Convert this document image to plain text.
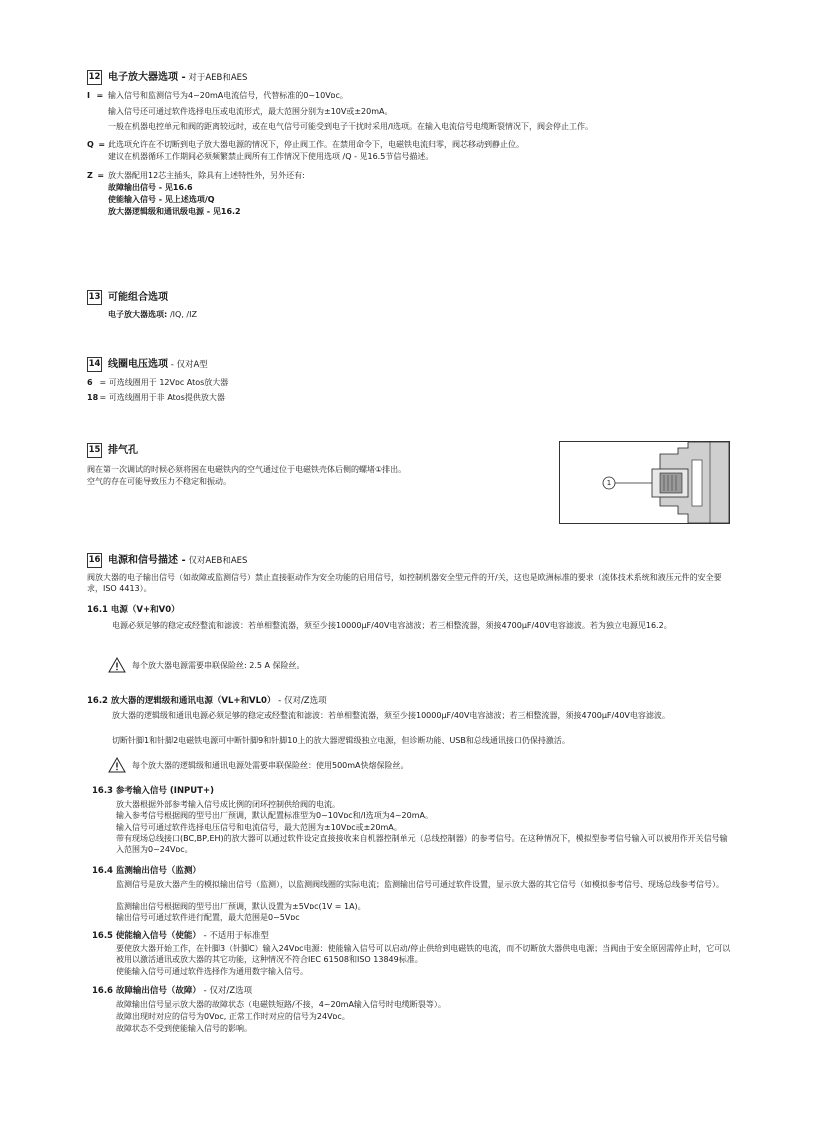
12 电子放大器选项 - 对于AEB和AES
I = 输入信号和监测信号为4~20mA电流信号，代替标准的0~10Vᴅᴄ。
输入信号还可通过软件选择电压或电流形式，最大范围分别为±10V或±20mA。
一般在机器电控单元和阀的距离较远时，或在电气信号可能受到电子干扰时采用/I选项。在输入电流信号电缆断裂情况下，阀会停止工作。
Q = 此选项允许在不切断到电子放大器电源的情况下，停止阀工作。在禁用命令下，电磁铁电流归零，阀芯移动到静止位。
建议在机器循环工作期间必须频繁禁止阀所有工作情况下使用选项 /Q - 见16.5节信号描述。
Z = 放大器配用12芯主插头，除具有上述特性外，另外还有:
故障输出信号 - 见16.6
使能输入信号 - 见上述选项/Q
放大器逻辑级和通讯级电源 - 见16.2
13 可能组合选项
电子放大器选项: /IQ, /IZ
14 线圈电压选项 - 仅对A型
6 = 可选线圈用于 12Vᴅᴄ Atos放大器
18 = 可选线圈用于非 Atos提供放大器
15 排气孔
阀在第一次调试的时候必须将困在电磁铁内的空气通过位于电磁铁壳体后侧的螺堵①排出。
空气的存在可能导致压力不稳定和振动。	1
16 电源和信号描述 - 仅对AEB和AES
阀放大器的电子输出信号（如故障或监测信号）禁止直接驱动作为安全功能的启用信号，如控制机器安全型元件的开/关，这也是欧洲标准的要求（流体技术系统和液压元件的安全要求，ISO 4413）。
16.1 电源（V+和V0）
电源必须足够的稳定或经整流和滤波：若单相整流器，须至少接10000µF/40V电容滤波；若三相整流器，须接4700µF/40V电容滤波。若为独立电源见16.2。
每个放大器电源需要串联保险丝: 2.5 A 保险丝。
16.2 放大器的逻辑级和通讯电源（VL+和VL0） - 仅对/Z选项
放大器的逻辑级和通讯电源必须足够的稳定或经整流和滤波：若单相整流器，须至少接10000µF/40V电容滤波；若三相整流器，须接4700µF/40V电容滤波。
切断针脚1和针脚2电磁铁电源可中断针脚9和针脚10上的放大器逻辑级独立电源，但诊断功能、USB和总线通讯接口仍保持激活。
每个放大器的逻辑级和通讯电源处需要串联保险丝：使用500mA快熔保险丝。
16.3 参考输入信号 (INPUT+)
放大器根据外部参考输入信号成比例的闭环控制供给阀的电流。
输入参考信号根据阀的型号出厂预调，默认配置标准型为0~10Vᴅᴄ和/I选项为4~20mA。
输入信号可通过软件选择电压信号和电流信号，最大范围为±10Vᴅᴄ或±20mA。
带有现场总线接口(BC,BP,EH)的放大器可以通过软件设定直接接收来自机器控制单元（总线控制器）的参考信号。在这种情况下，模拟型参考信号输入可以被用作开关信号输入范围为0~24Vᴅᴄ。
16.4 监测输出信号（监测）
监测信号是放大器产生的模拟输出信号（监测），以监测阀线圈的实际电流；监测输出信号可通过软件设置，显示放大器的其它信号（如模拟参考信号、现场总线参考信号）。
监测输出信号根据阀的型号出厂预调，默认设置为±5Vᴅᴄ(1V = 1A)。
输出信号可通过软件进行配置，最大范围是0~5Vᴅᴄ
16.5 使能输入信号（使能） - 不适用于标准型
要使放大器开始工作，在针脚3（针脚C）输入24Vᴅᴄ电源：使能输入信号可以启动/停止供给到电磁铁的电流，而不切断放大器供电电源；当阀由于安全原因需停止时，它可以被用以激活通讯或放大器的其它功能，这种情况不符合IEC 61508和ISO 13849标准。
使能输入信号可通过软件选择作为通用数字输入信号。
16.6 故障输出信号（故障） - 仅对/Z选项
故障输出信号显示放大器的故障状态（电磁铁短路/不接，4~20mA输入信号时电缆断裂等）。
故障出现时对应的信号为0Vᴅᴄ, 正常工作时对应的信号为24Vᴅᴄ。
故障状态不受到使能输入信号的影响。
